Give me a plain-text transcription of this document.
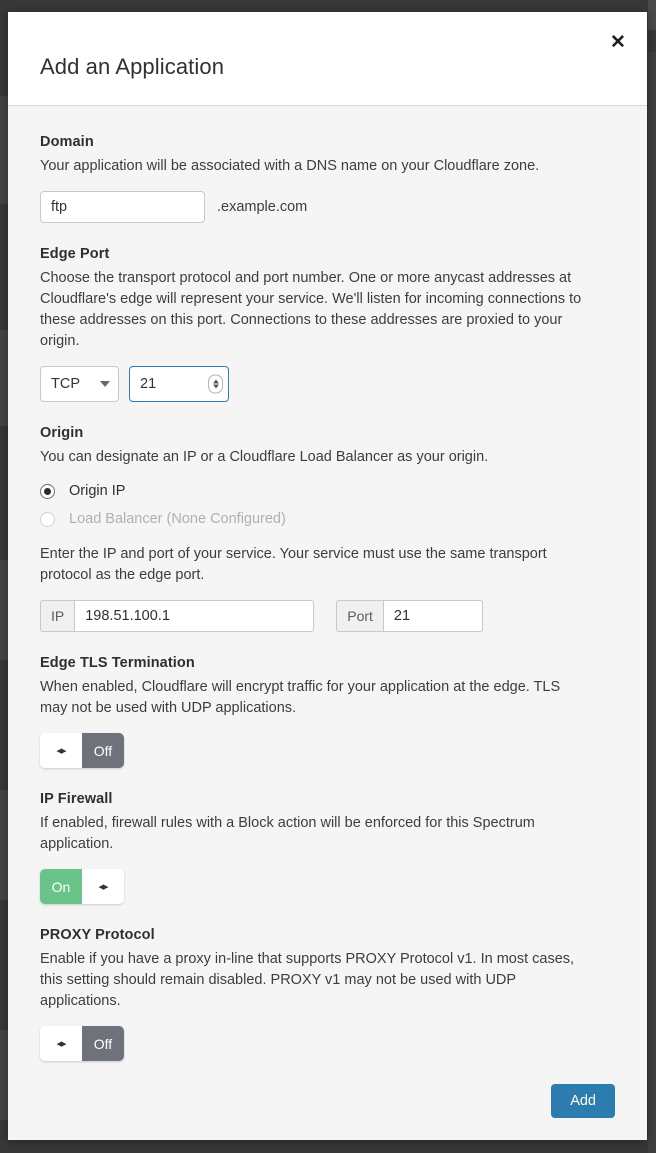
Add an Application
✕
Domain
Your application will be associated with a DNS name on your Cloudflare zone.
ftp
.example.com
Edge Port
Choose the transport protocol and port number. One or more anycast addresses at Cloudflare's edge will represent your service. We'll listen for incoming connections to these addresses on this port. Connections to these addresses are proxied to your origin.
TCP
21
Origin
You can designate an IP or a Cloudflare Load Balancer as your origin.
Origin IP
Load Balancer (None Configured)
Enter the IP and port of your service. Your service must use the same transport protocol as the edge port.
IP
198.51.100.1	Port
21
Edge TLS Termination
When enabled, Cloudflare will encrypt traffic for your application at the edge. TLS may not be used with UDP applications.
◂▸	Off
IP Firewall
If enabled, firewall rules with a Block action will be enforced for this Spectrum application.
On	◂▸
PROXY Protocol
Enable if you have a proxy in-line that supports PROXY Protocol v1. In most cases, this setting should remain disabled. PROXY v1 may not be used with UDP applications.
◂▸	Off
Add
